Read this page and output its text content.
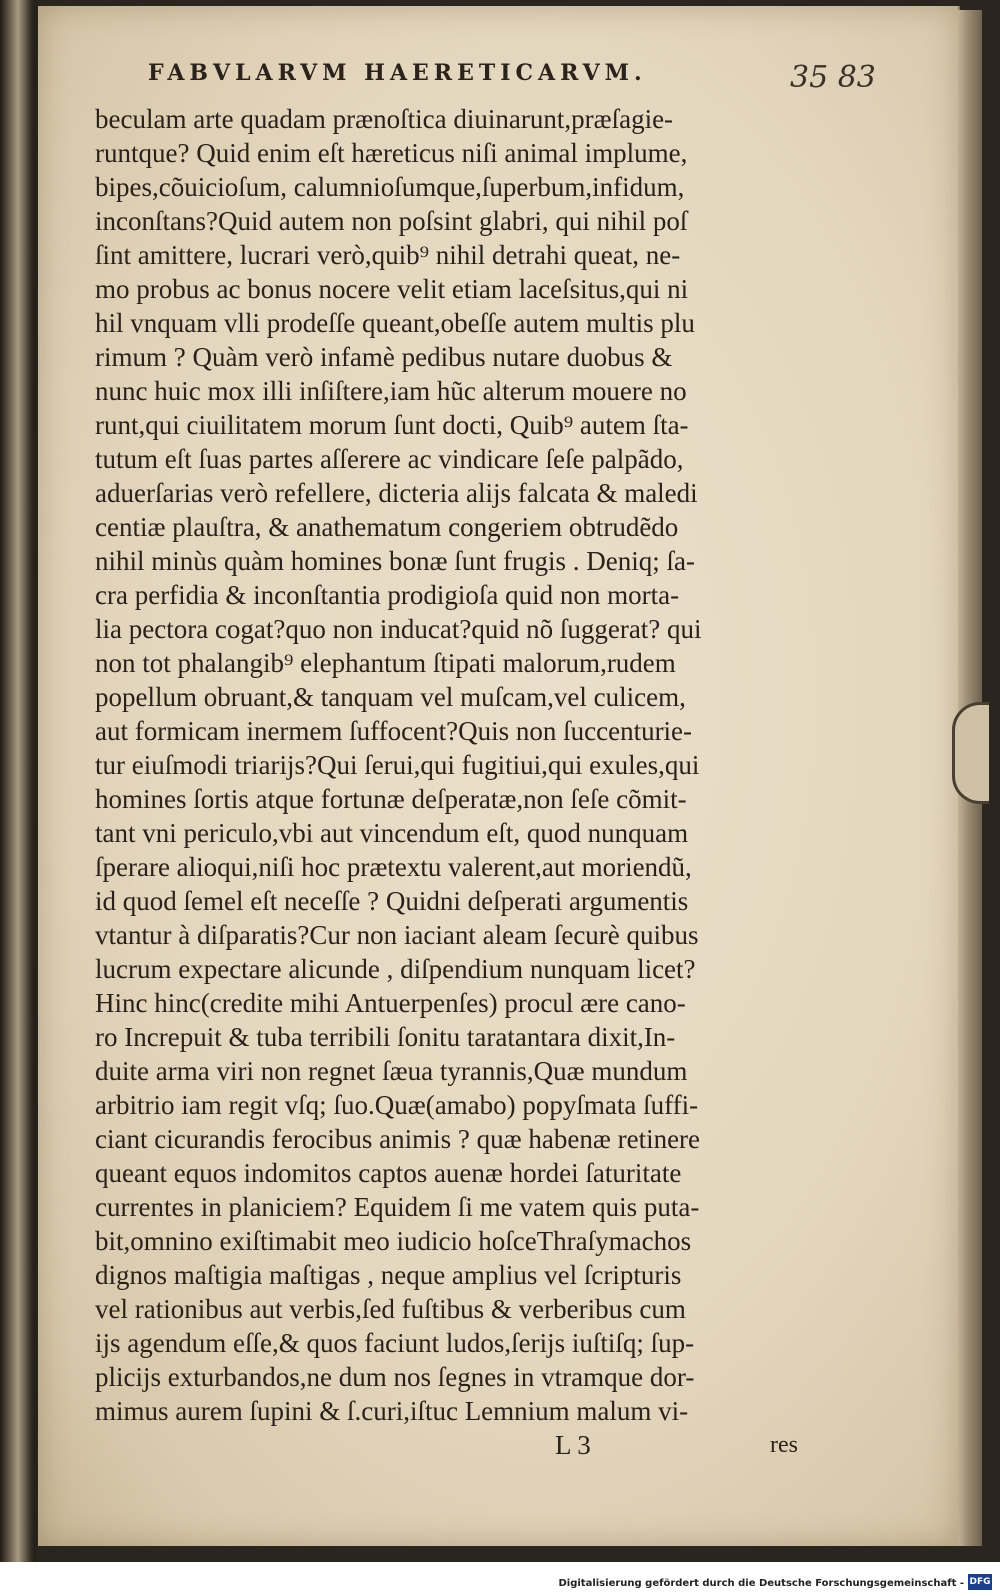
FABVLARVM HAERETICARVM.	35 83
beculam arte quadam prænoſtica diuinarunt,præſagie-
runtque? Quid enim eſt hæreticus niſi animal implume,
bipes,cõuicioſum, calumnioſumque,ſuperbum,infidum,
inconſtans?Quid autem non poſsint glabri, qui nihil poſ
ſint amittere, lucrari verò,quib⁹ nihil detrahi queat, ne-
mo probus ac bonus nocere velit etiam laceſsitus,qui ni
hil vnquam vlli prodeſſe queant,obeſſe autem multis plu
rimum ? Quàm verò infamè pedibus nutare duobus &
nunc huic mox illi inſiſtere,iam hũc alterum mouere no
runt,qui ciuilitatem morum ſunt docti, Quib⁹ autem ſta-
tutum eſt ſuas partes aſſerere ac vindicare ſeſe palpãdo,
aduerſarias verò refellere, dicteria alijs falcata & maledi
centiæ plauſtra, & anathematum congeriem obtrudẽdo
nihil minùs quàm homines bonæ ſunt frugis . Deniq; ſa-
cra perfidia & inconſtantia prodigioſa quid non morta-
lia pectora cogat?quo non inducat?quid nõ ſuggerat? qui
non tot phalangib⁹ elephantum ſtipati malorum,rudem
popellum obruant,& tanquam vel muſcam,vel culicem,
aut formicam inermem ſuffocent?Quis non ſuccenturie-
tur eiuſmodi triarijs?Qui ſerui,qui fugitiui,qui exules,qui
homines ſortis atque fortunæ deſperatæ,non ſeſe cõmit-
tant vni periculo,vbi aut vincendum eſt, quod nunquam
ſperare alioqui,niſi hoc prætextu valerent,aut moriendũ,
id quod ſemel eſt neceſſe ? Quidni deſperati argumentis
vtantur à diſparatis?Cur non iaciant aleam ſecurè quibus
lucrum expectare alicunde , diſpendium nunquam licet?
Hinc hinc(credite mihi Antuerpenſes) procul ære cano-
ro Increpuit & tuba terribili ſonitu taratantara dixit,In-
duite arma viri non regnet ſæua tyrannis,Quæ mundum
arbitrio iam regit vſq; ſuo.Quæ(amabo) popyſmata ſuffi-
ciant cicurandis ferocibus animis ? quæ habenæ retinere
queant equos indomitos captos auenæ hordei ſaturitate
currentes in planiciem? Equidem ſi me vatem quis puta-
bit,omnino exiſtimabit meo iudicio hoſceThraſymachos
dignos maſtigia maſtigas , neque amplius vel ſcripturis
vel rationibus aut verbis,ſed fuſtibus & verberibus cum
ijs agendum eſſe,& quos faciunt ludos,ſerijs iuſtiſq; ſup-
plicijs exturbandos,ne dum nos ſegnes in vtramque dor-
mimus aurem ſupini & ſ.curi,iſtuc Lemnium malum vi-
L 3	res
Digitalisierung gefördert durch die Deutsche Forschungsgemeinschaft - DFG
